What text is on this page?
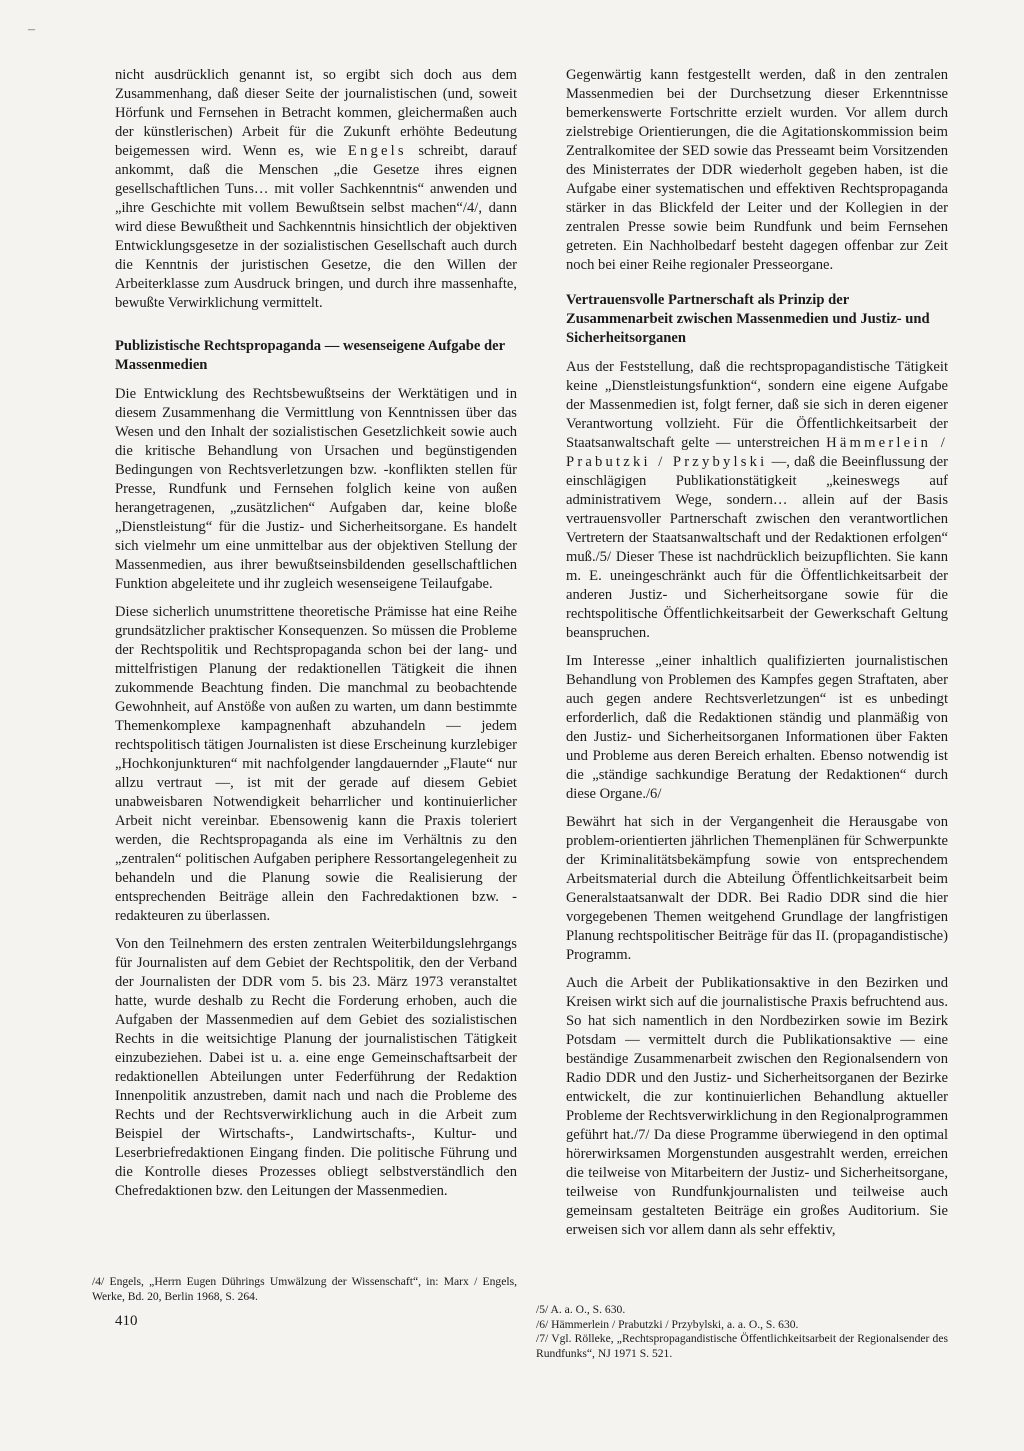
‒

nicht ausdrücklich genannt ist, so ergibt sich doch aus dem Zusammenhang, daß dieser Seite der journalistischen (und, soweit Hörfunk und Fernsehen in Betracht kommen, gleichermaßen auch der künstlerischen) Arbeit für die Zukunft erhöhte Bedeutung beigemessen wird. Wenn es, wie Engels schreibt, darauf ankommt, daß die Menschen „die Gesetze ihres eignen gesellschaftlichen Tuns… mit voller Sachkenntnis“ anwenden und „ihre Geschichte mit vollem Bewußtsein selbst machen“/4/, dann wird diese Bewußtheit und Sachkenntnis hinsichtlich der objektiven Entwicklungsgesetze in der sozialistischen Gesellschaft auch durch die Kenntnis der juristischen Gesetze, die den Willen der Arbeiterklasse zum Ausdruck bringen, und durch ihre massenhafte, bewußte Verwirklichung vermittelt.

Publizistische Rechtspropaganda — wesenseigene Aufgabe der Massenmedien

Die Entwicklung des Rechtsbewußtseins der Werktätigen und in diesem Zusammenhang die Vermittlung von Kenntnissen über das Wesen und den Inhalt der sozialistischen Gesetzlichkeit sowie auch die kritische Behandlung von Ursachen und begünstigenden Bedingungen von Rechtsverletzungen bzw. -konflikten stellen für Presse, Rundfunk und Fernsehen folglich keine von außen herangetragenen, „zusätzlichen“ Aufgaben dar, keine bloße „Dienstleistung“ für die Justiz- und Sicherheitsorgane. Es handelt sich vielmehr um eine unmittelbar aus der objektiven Stellung der Massenmedien, aus ihrer bewußtseinsbildenden gesellschaftlichen Funktion abgeleitete und ihr zugleich wesenseigene Teilaufgabe.

Diese sicherlich unumstrittene theoretische Prämisse hat eine Reihe grundsätzlicher praktischer Konsequenzen. So müssen die Probleme der Rechtspolitik und Rechtspropaganda schon bei der lang- und mittelfristigen Planung der redaktionellen Tätigkeit die ihnen zukommende Beachtung finden. Die manchmal zu beobachtende Gewohnheit, auf Anstöße von außen zu warten, um dann bestimmte Themenkomplexe kampagnenhaft abzuhandeln — jedem rechtspolitisch tätigen Journalisten ist diese Erscheinung kurzlebiger „Hochkonjunkturen“ mit nachfolgender langdauernder „Flaute“ nur allzu vertraut —, ist mit der gerade auf diesem Gebiet unabweisbaren Notwendigkeit beharrlicher und kontinuierlicher Arbeit nicht vereinbar. Ebensowenig kann die Praxis toleriert werden, die Rechtspropaganda als eine im Verhältnis zu den „zentralen“ politischen Aufgaben periphere Ressortangelegenheit zu behandeln und die Planung sowie die Realisierung der entsprechenden Beiträge allein den Fachredaktionen bzw. -redakteuren zu überlassen.

Von den Teilnehmern des ersten zentralen Weiterbildungslehrgangs für Journalisten auf dem Gebiet der Rechtspolitik, den der Verband der Journalisten der DDR vom 5. bis 23. März 1973 veranstaltet hatte, wurde deshalb zu Recht die Forderung erhoben, auch die Aufgaben der Massenmedien auf dem Gebiet des sozialistischen Rechts in die weitsichtige Planung der journalistischen Tätigkeit einzubeziehen. Dabei ist u. a. eine enge Gemeinschaftsarbeit der redaktionellen Abteilungen unter Federführung der Redaktion Innenpolitik anzustreben, damit nach und nach die Probleme des Rechts und der Rechtsverwirklichung auch in die Arbeit zum Beispiel der Wirtschafts-, Landwirtschafts-, Kultur- und Leserbriefredaktionen Eingang finden. Die politische Führung und die Kontrolle dieses Prozesses obliegt selbstverständlich den Chefredaktionen bzw. den Leitungen der Massenmedien.

/4/ Engels, „Herrn Eugen Dührings Umwälzung der Wissenschaft“, in: Marx / Engels, Werke, Bd. 20, Berlin 1968, S. 264.

Gegenwärtig kann festgestellt werden, daß in den zentralen Massenmedien bei der Durchsetzung dieser Erkenntnisse bemerkenswerte Fortschritte erzielt wurden. Vor allem durch zielstrebige Orientierungen, die die Agitationskommission beim Zentralkomitee der SED sowie das Presseamt beim Vorsitzenden des Ministerrates der DDR wiederholt gegeben haben, ist die Aufgabe einer systematischen und effektiven Rechtspropaganda stärker in das Blickfeld der Leiter und der Kollegien in der zentralen Presse sowie beim Rundfunk und beim Fernsehen getreten. Ein Nachholbedarf besteht dagegen offenbar zur Zeit noch bei einer Reihe regionaler Presseorgane.

Vertrauensvolle Partnerschaft als Prinzip der Zusammenarbeit zwischen Massenmedien und Justiz- und Sicherheitsorganen

Aus der Feststellung, daß die rechtspropagandistische Tätigkeit keine „Dienstleistungsfunktion“, sondern eine eigene Aufgabe der Massenmedien ist, folgt ferner, daß sie sich in deren eigener Verantwortung vollzieht. Für die Öffentlichkeitsarbeit der Staatsanwaltschaft gelte — unterstreichen Hämmerlein / Prabutzki / Przybylski —, daß die Beeinflussung der einschlägigen Publikationstätigkeit „keineswegs auf administrativem Wege, sondern… allein auf der Basis vertrauensvoller Partnerschaft zwischen den verantwortlichen Vertretern der Staatsanwaltschaft und der Redaktionen erfolgen“ muß./5/ Dieser These ist nachdrücklich beizupflichten. Sie kann m. E. uneingeschränkt auch für die Öffentlichkeitsarbeit der anderen Justiz- und Sicherheitsorgane sowie für die rechtspolitische Öffentlichkeitsarbeit der Gewerkschaft Geltung beanspruchen.

Im Interesse „einer inhaltlich qualifizierten journalistischen Behandlung von Problemen des Kampfes gegen Straftaten, aber auch gegen andere Rechtsverletzungen“ ist es unbedingt erforderlich, daß die Redaktionen ständig und planmäßig von den Justiz- und Sicherheitsorganen Informationen über Fakten und Probleme aus deren Bereich erhalten. Ebenso notwendig ist die „ständige sachkundige Beratung der Redaktionen“ durch diese Organe./6/

Bewährt hat sich in der Vergangenheit die Herausgabe von problem-orientierten jährlichen Themenplänen für Schwerpunkte der Kriminalitätsbekämpfung sowie von entsprechendem Arbeitsmaterial durch die Abteilung Öffentlichkeitsarbeit beim Generalstaatsanwalt der DDR. Bei Radio DDR sind die hier vorgegebenen Themen weitgehend Grundlage der langfristigen Planung rechtspolitischer Beiträge für das II. (propagandistische) Programm.

Auch die Arbeit der Publikationsaktive in den Bezirken und Kreisen wirkt sich auf die journalistische Praxis befruchtend aus. So hat sich namentlich in den Nordbezirken sowie im Bezirk Potsdam — vermittelt durch die Publikationsaktive — eine beständige Zusammenarbeit zwischen den Regionalsendern von Radio DDR und den Justiz- und Sicherheitsorganen der Bezirke entwickelt, die zur kontinuierlichen Behandlung aktueller Probleme der Rechtsverwirklichung in den Regionalprogrammen geführt hat./7/ Da diese Programme überwiegend in den optimal hörerwirksamen Morgenstunden ausgestrahlt werden, erreichen die teilweise von Mitarbeitern der Justiz- und Sicherheitsorgane, teilweise von Rundfunkjournalisten und teilweise auch gemeinsam gestalteten Beiträge ein großes Auditorium. Sie erweisen sich vor allem dann als sehr effektiv,

/5/ A. a. O., S. 630.

/6/ Hämmerlein / Prabutzki / Przybylski, a. a. O., S. 630.

/7/ Vgl. Rölleke, „Rechtspropagandistische Öffentlichkeitsarbeit der Regionalsender des Rundfunks“, NJ 1971 S. 521.

410
